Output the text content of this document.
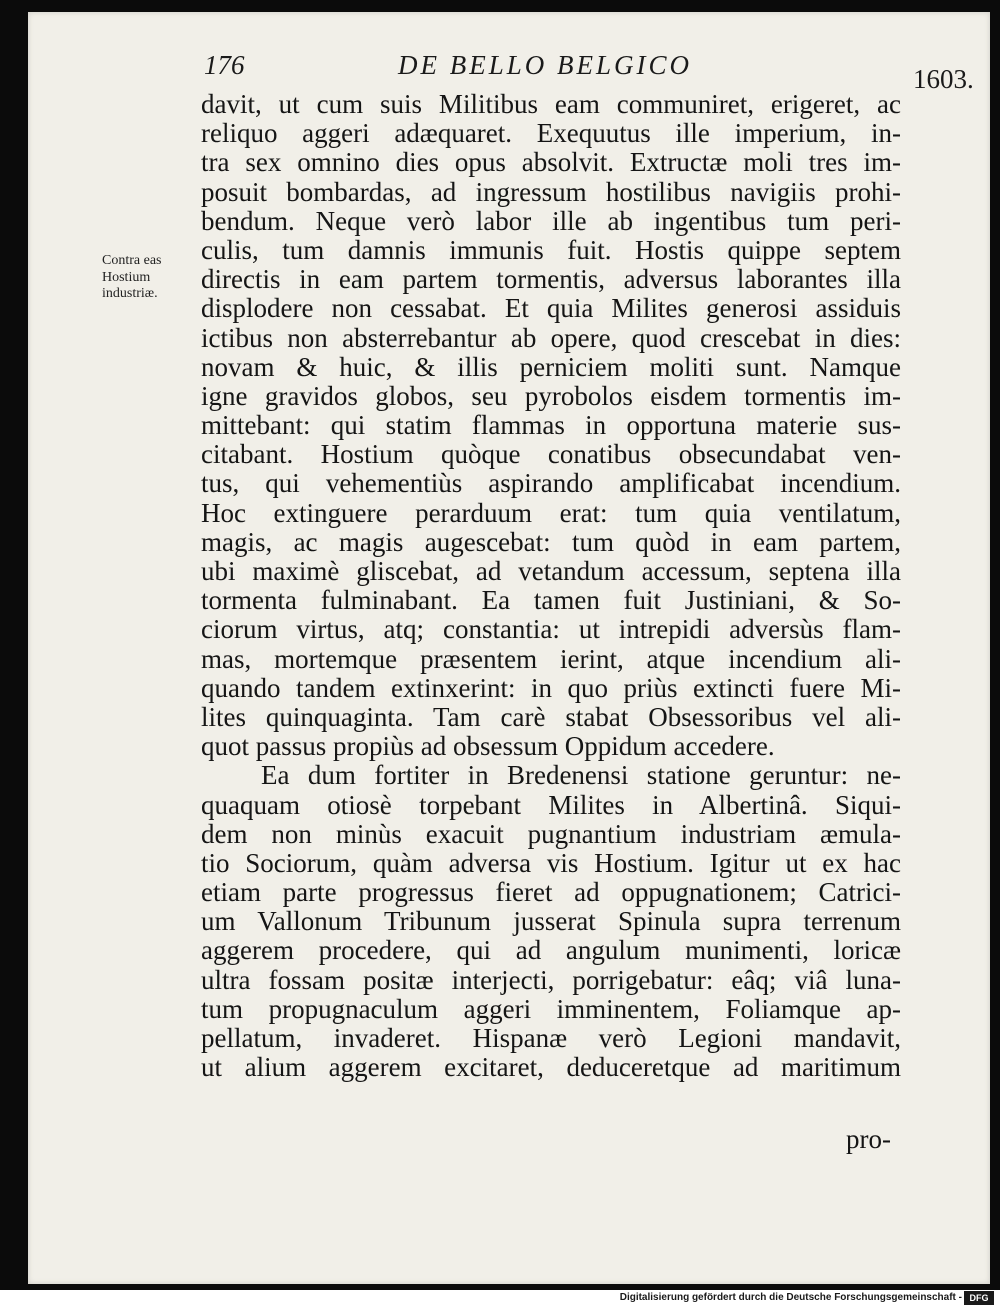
176	DE BELLO BELGICO	1603.
Contra eas
Hostium
industriæ.
davit, ut cum suis Militibus eam communiret, erigeret, ac
reliquo aggeri adæquaret. Exequutus ille imperium, in-
tra sex omnino dies opus absolvit. Extructæ moli tres im-
posuit bombardas, ad ingressum hostilibus navigiis prohi-
bendum. Neque verò labor ille ab ingentibus tum peri-
culis, tum damnis immunis fuit. Hostis quippe septem
directis in eam partem tormentis, adversus laborantes illa
displodere non cessabat. Et quia Milites generosi assiduis
ictibus non absterrebantur ab opere, quod crescebat in dies:
novam & huic, & illis perniciem moliti sunt. Namque
igne gravidos globos, seu pyrobolos eisdem tormentis im-
mittebant: qui statim flammas in opportuna materie sus-
citabant. Hostium quòque conatibus obsecundabat ven-
tus, qui vehementiùs aspirando amplificabat incendium.
Hoc extinguere perarduum erat: tum quia ventilatum,
magis, ac magis augescebat: tum quòd in eam partem,
ubi maximè gliscebat, ad vetandum accessum, septena illa
tormenta fulminabant. Ea tamen fuit Justiniani, & So-
ciorum virtus, atq; constantia: ut intrepidi adversùs flam-
mas, mortemque præsentem ierint, atque incendium ali-
quando tandem extinxerint: in quo priùs extincti fuere Mi-
lites quinquaginta. Tam carè stabat Obsessoribus vel ali-
quot passus propiùs ad obsessum Oppidum accedere.
Ea dum fortiter in Bredenensi statione geruntur: ne-
quaquam otiosè torpebant Milites in Albertinâ. Siqui-
dem non minùs exacuit pugnantium industriam æmula-
tio Sociorum, quàm adversa vis Hostium. Igitur ut ex hac
etiam parte progressus fieret ad oppugnationem; Catrici-
um Vallonum Tribunum jusserat Spinula supra terrenum
aggerem procedere, qui ad angulum munimenti, loricæ
ultra fossam positæ interjecti, porrigebatur: eâq; viâ luna-
tum propugnaculum aggeri imminentem, Foliamque ap-
pellatum, invaderet. Hispanæ verò Legioni mandavit,
ut alium aggerem excitaret, deduceretque ad maritimum
pro-
Digitalisierung gefördert durch die Deutsche Forschungsgemeinschaft - DFG
